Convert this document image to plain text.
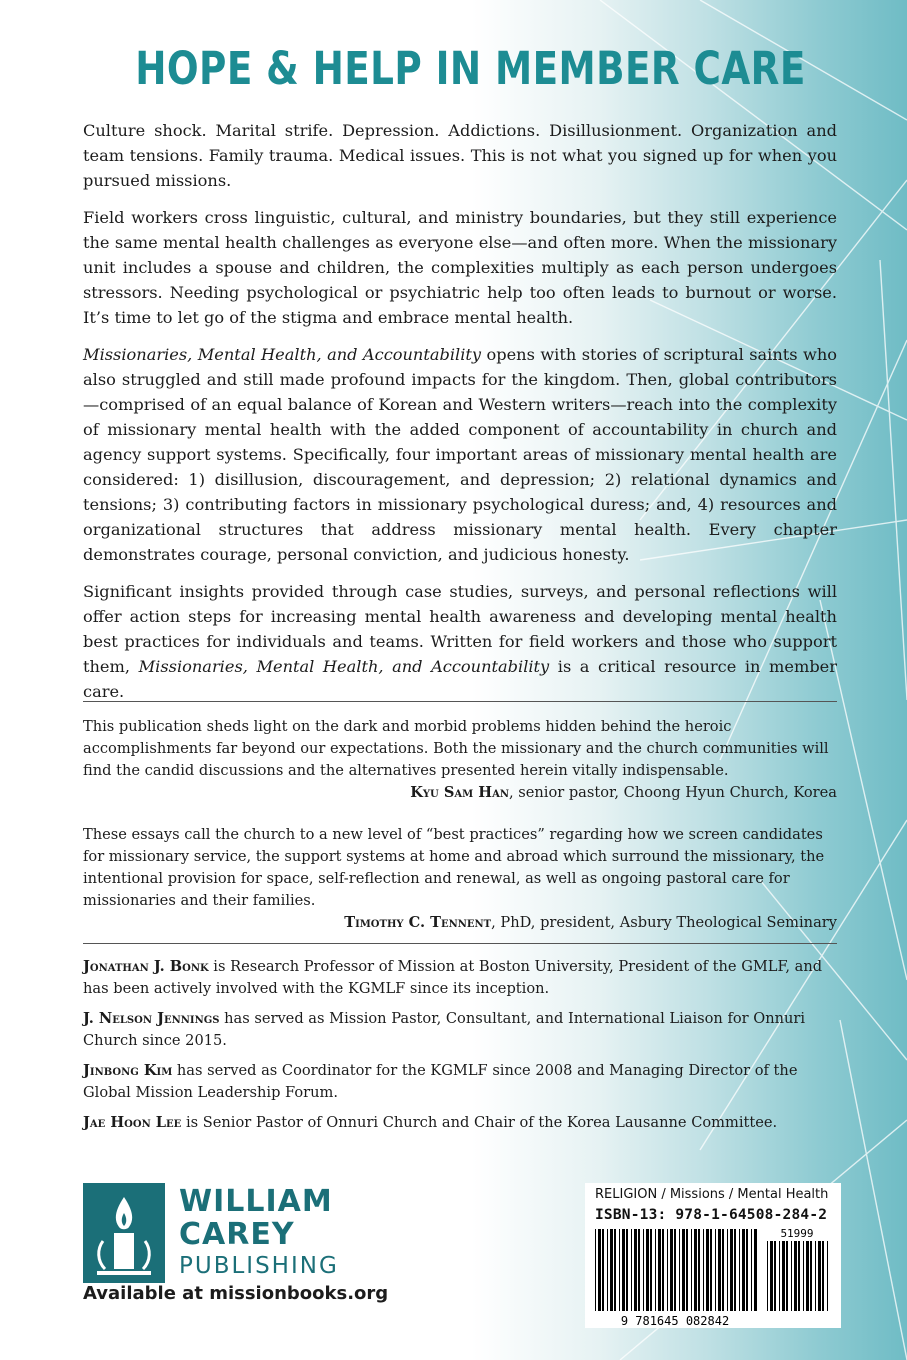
HOPE & HELP IN MEMBER CARE

Culture shock. Marital strife. Depression. Addictions. Disillusionment. Organization and team tensions. Family trauma. Medical issues. This is not what you signed up for when you pursued missions.

Field workers cross linguistic, cultural, and ministry boundaries, but they still experience the same mental health challenges as everyone else—and often more. When the missionary unit includes a spouse and children, the complexities multiply as each person undergoes stressors. Needing psychological or psychiatric help too often leads to burnout or worse. It’s time to let go of the stigma and embrace mental health.

Missionaries, Mental Health, and Accountability opens with stories of scriptural saints who also struggled and still made profound impacts for the kingdom. Then, global contributors—comprised of an equal balance of Korean and Western writers—reach into the complexity of missionary mental health with the added component of accountability in church and agency support systems. Specifically, four important areas of missionary mental health are considered: 1) disillusion, discouragement, and depression; 2) relational dynamics and tensions; 3) contributing factors in missionary psychological duress; and, 4) resources and organizational structures that address missionary mental health. Every chapter demonstrates courage, personal conviction, and judicious honesty.

Significant insights provided through case studies, surveys, and personal reflections will offer action steps for increasing mental health awareness and developing mental health best practices for individuals and teams. Written for field workers and those who support them, Missionaries, Mental Health, and Accountability is a critical resource in member care.

This publication sheds light on the dark and morbid problems hidden behind the heroic accomplishments far beyond our expectations. Both the missionary and the church communities will find the candid discussions and the alternatives presented herein vitally indispensable.
Kyu Sam Han, senior pastor, Choong Hyun Church, Korea
These essays call the church to a new level of “best practices” regarding how we screen candidates for missionary service, the support systems at home and abroad which surround the missionary, the intentional provision for space, self-reflection and renewal, as well as ongoing pastoral care for missionaries and their families.
Timothy C. Tennent, PhD, president, Asbury Theological Seminary

Jonathan J. Bonk is Research Professor of Mission at Boston University, President of the GMLF, and has been actively involved with the KGMLF since its inception.

J. Nelson Jennings has served as Mission Pastor, Consultant, and International Liaison for Onnuri Church since 2015.

Jinbong Kim has served as Coordinator for the KGMLF since 2008 and Managing Director of the Global Mission Leadership Forum.

Jae Hoon Lee is Senior Pastor of Onnuri Church and Chair of the Korea Lausanne Committee.

WILLIAM
CAREY
PUBLISHING
Available at missionbooks.org
RELIGION / Missions / Mental Health
ISBN-13: 978-1-64508-284-2
51999
9 781645 082842
